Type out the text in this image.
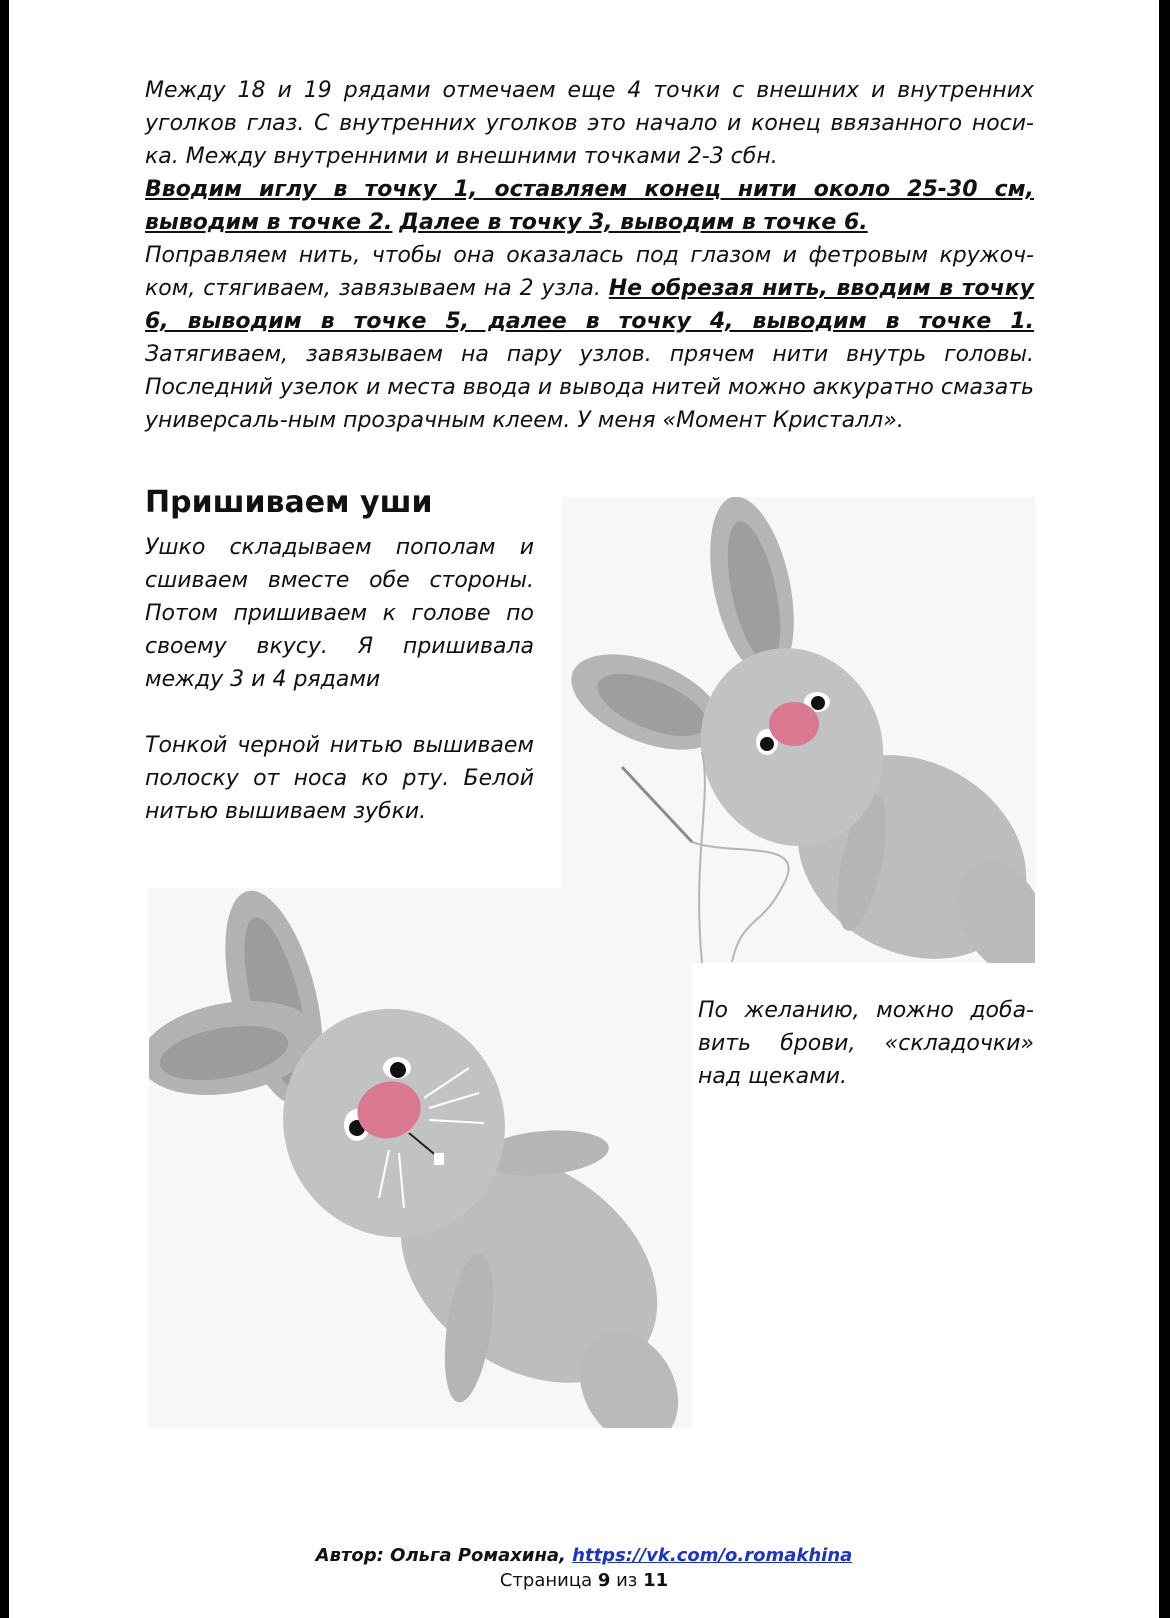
Между 18 и 19 рядами отмечаем еще 4 точки с внешних и внутренних уголков глаз. С внутренних уголков это начало и конец ввязанного носи-ка. Между внутренними и внешними точками 2-3 сбн.
Вводим иглу в точку 1, оставляем конец нити около 25-30 см, выводим в точке 2. Далее в точку 3, выводим в точке 6.
Поправляем нить, чтобы она оказалась под глазом и фетровым кружоч-ком, стягиваем, завязываем на 2 узла. Не обрезая нить, вводим в точку 6, выводим в точке 5, далее в точку 4, выводим в точке 1. Затягиваем, завязываем на пару узлов. прячем нити внутрь головы. Последний узелок и места ввода и вывода нитей можно аккуратно смазать универсаль-ным прозрачным клеем. У меня «Момент Кристалл».

Пришиваем уши

Ушко складываем пополам и сшиваем вместе обе стороны. Потом пришиваем к голове по своему вкусу. Я пришивала между 3 и 4 рядами

Тонкой черной нитью вышиваем полоску от носа ко рту. Белой нитью вышиваем зубки.

По желанию, можно доба-вить брови, «складочки» над щеками.

Автор: Ольга Ромахина, https://vk.com/o.romakhina
Страница 9 из 11
